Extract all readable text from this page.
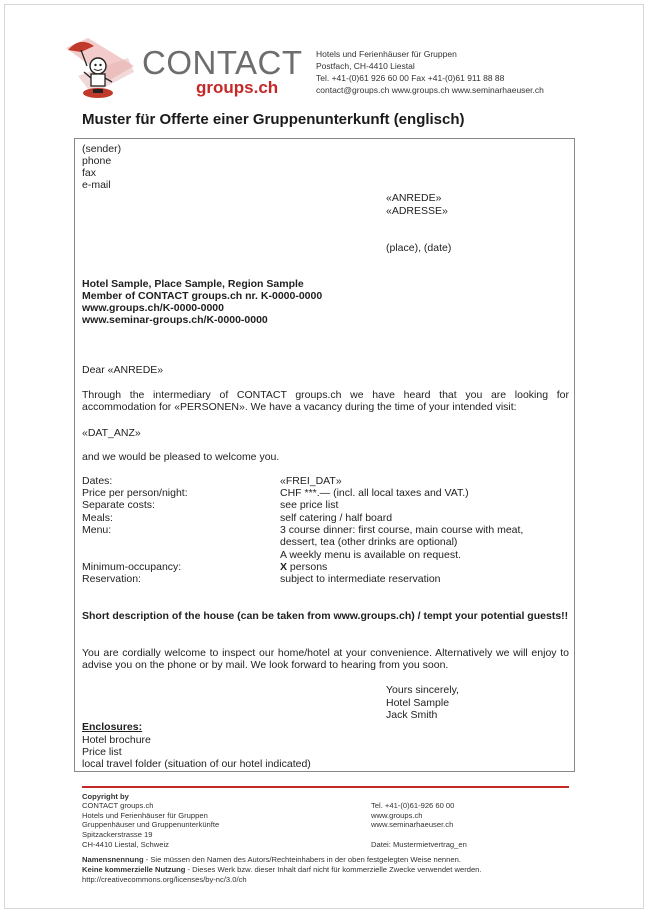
CONTACT
groups.ch
Hotels und Ferienhäuser für Gruppen
Postfach, CH-4410 Liestal
Tel. +41-(0)61 926 60 00 Fax +41-(0)61 911 88 88
contact@groups.ch www.groups.ch www.seminarhaeuser.ch
Muster für Offerte einer Gruppenunterkunft (englisch)
(sender)
phone
fax
e-mail
«ANREDE»
«ADRESSE»
(place), (date)
Hotel Sample, Place Sample, Region Sample
Member of CONTACT groups.ch nr. K-0000-0000
www.groups.ch/K-0000-0000
www.seminar-groups.ch/K-0000-0000
Dear «ANREDE»
Through the intermediary of CONTACT groups.ch we have heard that you are looking for accommodation for «PERSONEN». We have a vacancy during the time of your intended visit:
«DAT_ANZ»
and we would be pleased to welcome you.
Dates:	«FREI_DAT»
Price per person/night:	CHF ***.— (incl. all local taxes and VAT.)
Separate costs:	see price list
Meals:	self catering / half board
Menu:	3 course dinner: first course, main course with meat,
dessert, tea (other drinks are optional)
A weekly menu is available on request.
Minimum-occupancy:	X persons
Reservation:	subject to intermediate reservation
Short description of the house (can be taken from www.groups.ch) / tempt your potential guests!!
You are cordially welcome to inspect our home/hotel at your convenience. Alternatively we will enjoy to advise you on the phone or by mail. We look forward to hearing from you soon.
Yours sincerely,
Hotel Sample
Jack Smith
Enclosures:
Hotel brochure
Price list
local travel folder (situation of our hotel indicated)
Copyright by
CONTACT groups.ch
Hotels und Ferienhäuser für Gruppen
Gruppenhäuser und Gruppenunterkünfte
Spitzackerstrasse 19
CH-4410 Liestal, Schweiz
Tel. +41-(0)61-926 60 00
www.groups.ch
www.seminarhaeuser.ch
Datei: Mustermietvertrag_en
Namensnennung - Sie müssen den Namen des Autors/Rechteinhabers in der oben festgelegten Weise nennen.
Keine kommerzielle Nutzung - Dieses Werk bzw. dieser Inhalt darf nicht für kommerzielle Zwecke verwendet werden.
http://creativecommons.org/licenses/by-nc/3.0/ch
